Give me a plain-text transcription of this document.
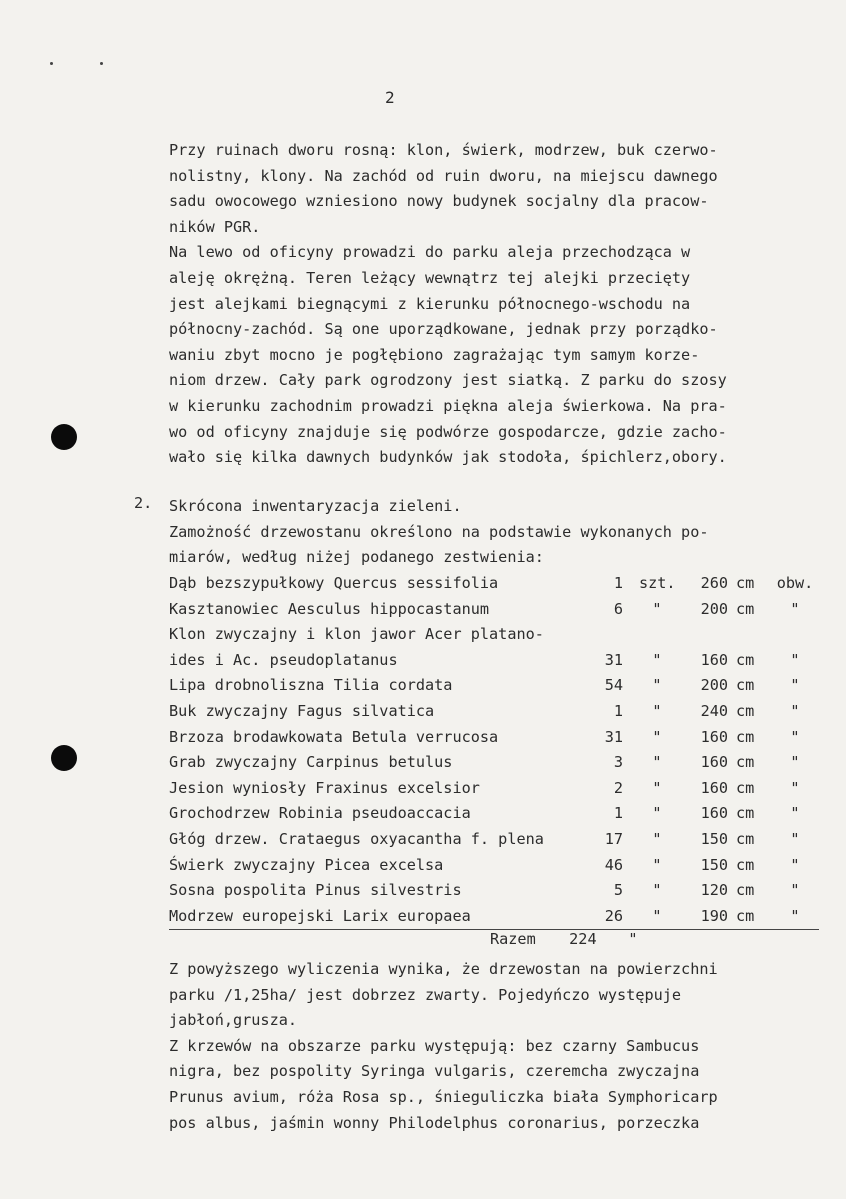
2
Przy ruinach dworu rosną: klon, świerk, modrzew, buk czerwo-
nolistny, klony. Na zachód od ruin dworu, na miejscu dawnego
sadu owocowego wzniesiono nowy budynek socjalny dla pracow-
ników PGR.
Na lewo od oficyny prowadzi do parku aleja przechodząca w
aleję okrężną. Teren leżący wewnątrz tej alejki przecięty
jest alejkami biegnącymi z kierunku północnego-wschodu na
północny-zachód. Są one uporządkowane, jednak przy porządko-
waniu zbyt mocno je pogłębiono zagrażając tym samym korze-
niom drzew. Cały park ogrodzony jest siatką. Z parku do szosy
w kierunku zachodnim prowadzi piękna aleja świerkowa. Na pra-
wo od oficyny znajduje się podwórze gospodarcze, gdzie zacho-
wało się kilka dawnych budynków jak stodoła, śpichlerz,obory.
2. Skrócona inwentaryzacja zieleni.
Zamożność drzewostanu określono na podstawie wykonanych po-
miarów, według niżej podanego zestwienia:
Dąb bezszypułkowy Quercus sessifolia	1 szt.	260 cm	obw.
Kasztanowiec Aesculus hippocastanum	6	"	200 cm	"
Klon zwyczajny i klon jawor Acer platano-
ides i Ac. pseudoplatanus	31	"	160 cm	"
Lipa drobnoliszna Tilia cordata	54	"	200 cm	"
Buk zwyczajny Fagus silvatica	1	"	240 cm	"
Brzoza brodawkowata Betula verrucosa	31	"	160 cm	"
Grab zwyczajny Carpinus betulus	3	"	160 cm	"
Jesion wyniosły Fraxinus excelsior	2	"	160 cm	"
Grochodrzew Robinia pseudoaccacia	1	"	160 cm	"
Głóg drzew. Crataegus oxyacantha f. plena	17	"	150 cm	"
Świerk zwyczajny Picea excelsa	46	"	150 cm	"
Sosna pospolita Pinus silvestris	5	"	120 cm	"
Modrzew europejski Larix europaea	26	"	190 cm	"
Razem 224 "
Z powyższego wyliczenia wynika, że drzewostan na powierzchni
parku /1,25ha/ jest dobrzez zwarty. Pojedyńczo występuje
jabłoń,grusza.
Z krzewów na obszarze parku występują: bez czarny Sambucus
nigra, bez pospolity Syringa vulgaris, czeremcha zwyczajna
Prunus avium, róża Rosa sp., śnieguliczka biała Symphoricarp
pos albus, jaśmin wonny Philodelphus coronarius, porzeczka
